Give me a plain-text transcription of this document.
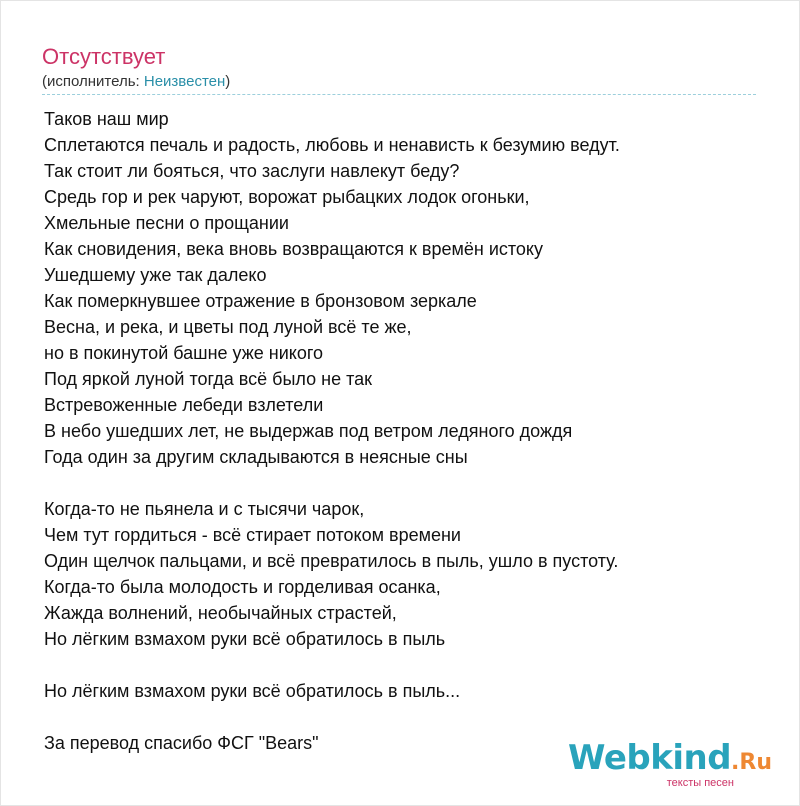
Отсутствует
(исполнитель: Неизвестен)
Таков наш мир
Сплетаются печаль и радость, любовь и ненависть к безумию ведут.
Так стоит ли бояться, что заслуги навлекут беду?
Средь гор и рек чаруют, ворожат рыбацких лодок огоньки,
Хмельные песни о прощании
Как сновидения, века вновь возвращаются к времён истоку
Ушедшему уже так далеко
Как померкнувшее отражение в бронзовом зеркале
Весна, и река, и цветы под луной всё те же,
но в покинутой башне уже никого
Под яркой луной тогда всё было не так
Встревоженные лебеди взлетели
В небо ушедших лет, не выдержав под ветром ледяного дождя
Года один за другим складываются в неясные сны
Когда-то не пьянела и с тысячи чарок,
Чем тут гордиться - всё стирает потоком времени
Один щелчок пальцами, и всё превратилось в пыль, ушло в пустоту.
Когда-то была молодость и горделивая осанка,
Жажда волнений, необычайных страстей,
Но лёгким взмахом руки всё обратилось в пыль
Но лёгким взмахом руки всё обратилось в пыль...
За перевод спасибо ФСГ "Bears"	Webkind.Ru
тексты песен
